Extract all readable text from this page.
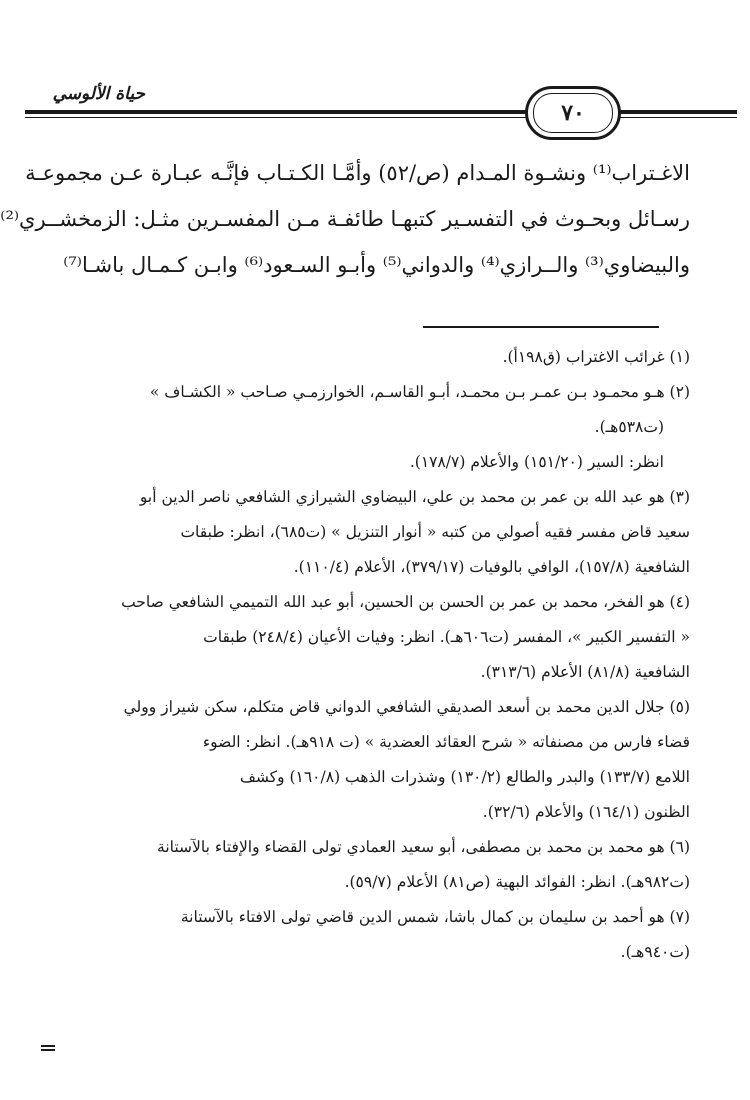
حياة الألوسي
٧٠
الاغـتراب⁽¹⁾ ونشـوة المـدام (ص/٥٢) وأمَّـا الكـتـاب فإنَّـه عبـارة عـن مجموعـة
رسـائل وبحـوث في التفسـير كتبهـا طائفـة مـن المفسـرين مثـل: الزمخشــري⁽²⁾
والبيضاوي⁽³⁾ والــرازي⁽⁴⁾ والدواني⁽⁵⁾ وأبـو السـعود⁽⁶⁾ وابـن كـمـال باشـا⁽⁷⁾
(١) غرائب الاغتراب (ق١٩٨أ).
(٢) هـو محمـود بـن عمـر بـن محمـد، أبـو القاسـم، الخوارزمـي صـاحب « الكشـاف »
(ت٥٣٨هـ).
انظر: السير (١٥١/٢٠) والأعلام (١٧٨/٧).
(٣) هو عبد الله بن عمر بن محمد بن علي، البيضاوي الشيرازي الشافعي ناصر الدين أبو
سعيد قاض مفسر فقيه أصولي من كتبه « أنوار التنزيل » (ت٦٨٥)، انظر: طبقات
الشافعية (١٥٧/٨)، الوافي بالوفيات (٣٧٩/١٧)، الأعلام (١١٠/٤).
(٤) هو الفخر، محمد بن عمر بن الحسن بن الحسين، أبو عبد الله التميمي الشافعي صاحب
« التفسير الكبير »، المفسر (ت٦٠٦هـ). انظر: وفيات الأعيان (٢٤٨/٤) طبقات
الشافعية (٨١/٨) الأعلام (٣١٣/٦).
(٥) جلال الدين محمد بن أسعد الصديقي الشافعي الدواني قاض متكلم، سكن شيراز وولي
قضاء فارس من مصنفاته « شرح العقائد العضدية » (ت ٩١٨هـ). انظر: الضوء
اللامع (١٣٣/٧) والبدر والطالع (١٣٠/٢) وشذرات الذهب (١٦٠/٨) وكشف
الظنون (١٦٤/١) والأعلام (٣٢/٦).
(٦) هو محمد بن محمد بن مصطفى، أبو سعيد العمادي تولى القضاء والإفتاء بالآستانة
(ت٩٨٢هـ). انظر: الفوائد البهية (ص٨١) الأعلام (٥٩/٧).
(٧) هو أحمد بن سليمان بن كمال باشا، شمس الدين قاضي تولى الافتاء بالآستانة
(ت٩٤٠هـ).
